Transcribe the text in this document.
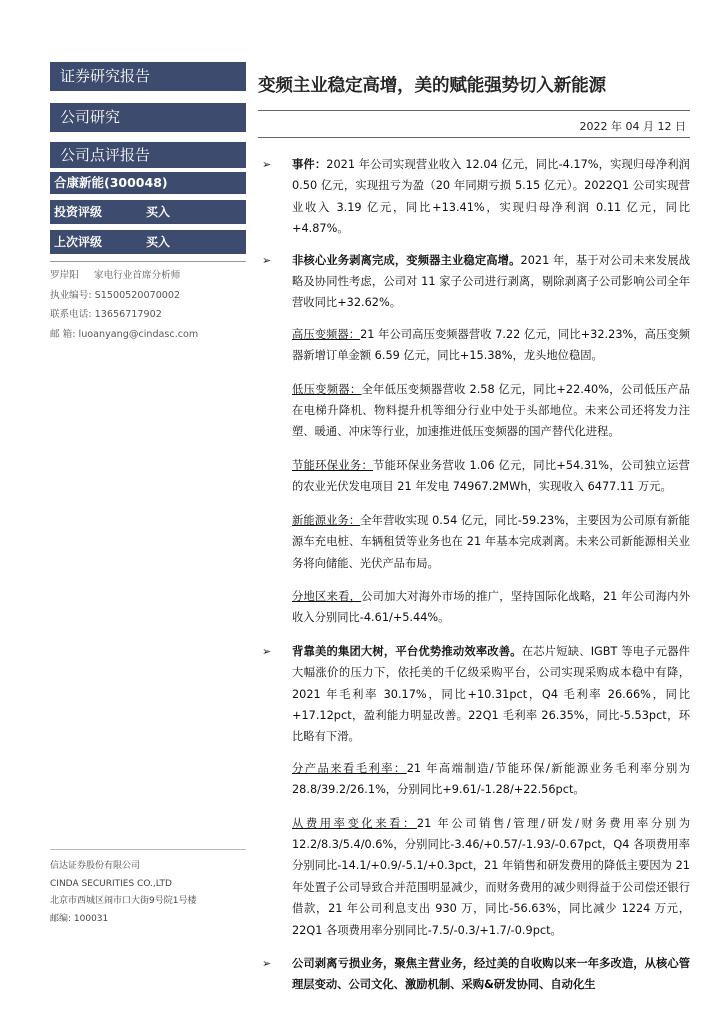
证券研究报告
公司研究
公司点评报告
合康新能(300048)
投资评级	买入
上次评级	买入
罗岸阳 家电行业首席分析师
执业编号: S1500520070002
联系电话: 13656717902
邮 箱: luoanyang@cindasc.com
信达证券股份有限公司
CINDA SECURITIES CO.,LTD
北京市西城区闹市口大街9号院1号楼
邮编: 100031
变频主业稳定高增，美的赋能强势切入新能源
2022 年 04 月 12 日
➢ 事件：2021 年公司实现营业收入 12.04 亿元，同比-4.17%，实现归母净利润 0.50 亿元，实现扭亏为盈（20 年同期亏损 5.15 亿元）。2022Q1 公司实现营业收入 3.19 亿元，同比+13.41%，实现归母净利润 0.11 亿元，同比+4.87%。
➢ 非核心业务剥离完成，变频器主业稳定高增。2021 年，基于对公司未来发展战略及协同性考虑，公司对 11 家子公司进行剥离，剔除剥离子公司影响公司全年营收同比+32.62%。
高压变频器：21 年公司高压变频器营收 7.22 亿元，同比+32.23%，高压变频器新增订单金额 6.59 亿元，同比+15.38%，龙头地位稳固。
低压变频器：全年低压变频器营收 2.58 亿元，同比+22.40%，公司低压产品在电梯升降机、物料提升机等细分行业中处于头部地位。未来公司还将发力注塑、暖通、冲床等行业，加速推进低压变频器的国产替代化进程。
节能环保业务：节能环保业务营收 1.06 亿元，同比+54.31%，公司独立运营的农业光伏发电项目 21 年发电 74967.2MWh，实现收入 6477.11 万元。
新能源业务：全年营收实现 0.54 亿元，同比-59.23%，主要因为公司原有新能源车充电桩、车辆租赁等业务也在 21 年基本完成剥离。未来公司新能源相关业务将向储能、光伏产品布局。
分地区来看，公司加大对海外市场的推广，坚持国际化战略，21 年公司海内外收入分别同比-4.61/+5.44%。
➢ 背靠美的集团大树，平台优势推动效率改善。在芯片短缺、IGBT 等电子元器件大幅涨价的压力下，依托美的千亿级采购平台，公司实现采购成本稳中有降，2021 年毛利率 30.17%，同比+10.31pct，Q4 毛利率 26.66%，同比+17.12pct，盈利能力明显改善。22Q1 毛利率 26.35%，同比-5.53pct，环比略有下滑。
分产品来看毛利率：21 年高端制造/节能环保/新能源业务毛利率分别为 28.8/39.2/26.1%，分别同比+9.61/-1.28/+22.56pct。
从费用率变化来看：21 年公司销售/管理/研发/财务费用率分别为 12.2/8.3/5.4/0.6%，分别同比-3.46/+0.57/-1.93/-0.67pct，Q4 各项费用率分别同比-14.1/+0.9/-5.1/+0.3pct，21 年销售和研发费用的降低主要因为 21 年处置子公司导致合并范围明显减少，而财务费用的减少则得益于公司偿还银行借款，21 年公司利息支出 930 万，同比-56.63%，同比减少 1224 万元，22Q1 各项费用率分别同比-7.5/-0.3/+1.7/-0.9pct。
➢ 公司剥离亏损业务，聚焦主营业务，经过美的自收购以来一年多改造，从核心管理层变动、公司文化、激励机制、采购&研发协同、自动化生
